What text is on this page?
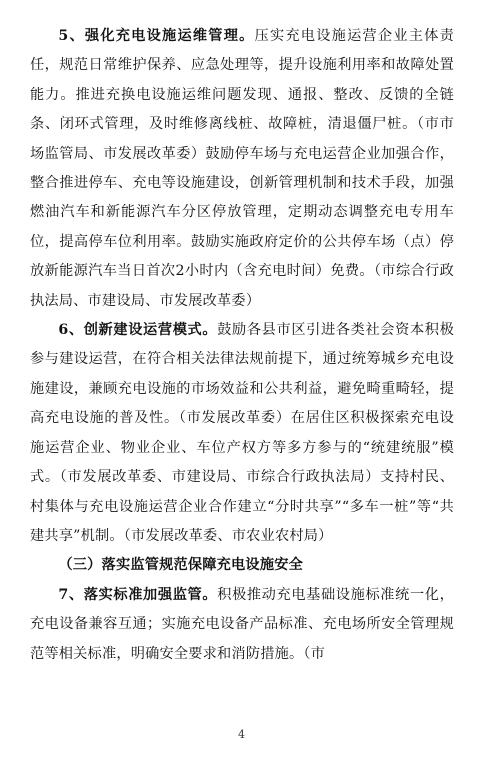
5、强化充电设施运维管理。压实充电设施运营企业主体责任，规范日常维护保养、应急处理等，提升设施利用率和故障处置能力。推进充换电设施运维问题发现、通报、整改、反馈的全链条、闭环式管理，及时维修离线桩、故障桩，清退僵尸桩。（市市场监管局、市发展改革委）鼓励停车场与充电运营企业加强合作，整合推进停车、充电等设施建设，创新管理机制和技术手段，加强燃油汽车和新能源汽车分区停放管理，定期动态调整充电专用车位，提高停车位利用率。鼓励实施政府定价的公共停车场（点）停放新能源汽车当日首次2小时内（含充电时间）免费。（市综合行政执法局、市建设局、市发展改革委）

6、创新建设运营模式。鼓励各县市区引进各类社会资本积极参与建设运营，在符合相关法律法规前提下，通过统筹城乡充电设施建设，兼顾充电设施的市场效益和公共利益，避免畸重畸轻，提高充电设施的普及性。（市发展改革委）在居住区积极探索充电设施运营企业、物业企业、车位产权方等多方参与的“统建统服”模式。（市发展改革委、市建设局、市综合行政执法局）支持村民、村集体与充电设施运营企业合作建立“分时共享”“多车一桩”等“共建共享”机制。（市发展改革委、市农业农村局）

（三）落实监管规范保障充电设施安全

7、落实标准加强监管。积极推动充电基础设施标准统一化，充电设备兼容互通；实施充电设备产品标准、充电场所安全管理规范等相关标准，明确安全要求和消防措施。（市

4
